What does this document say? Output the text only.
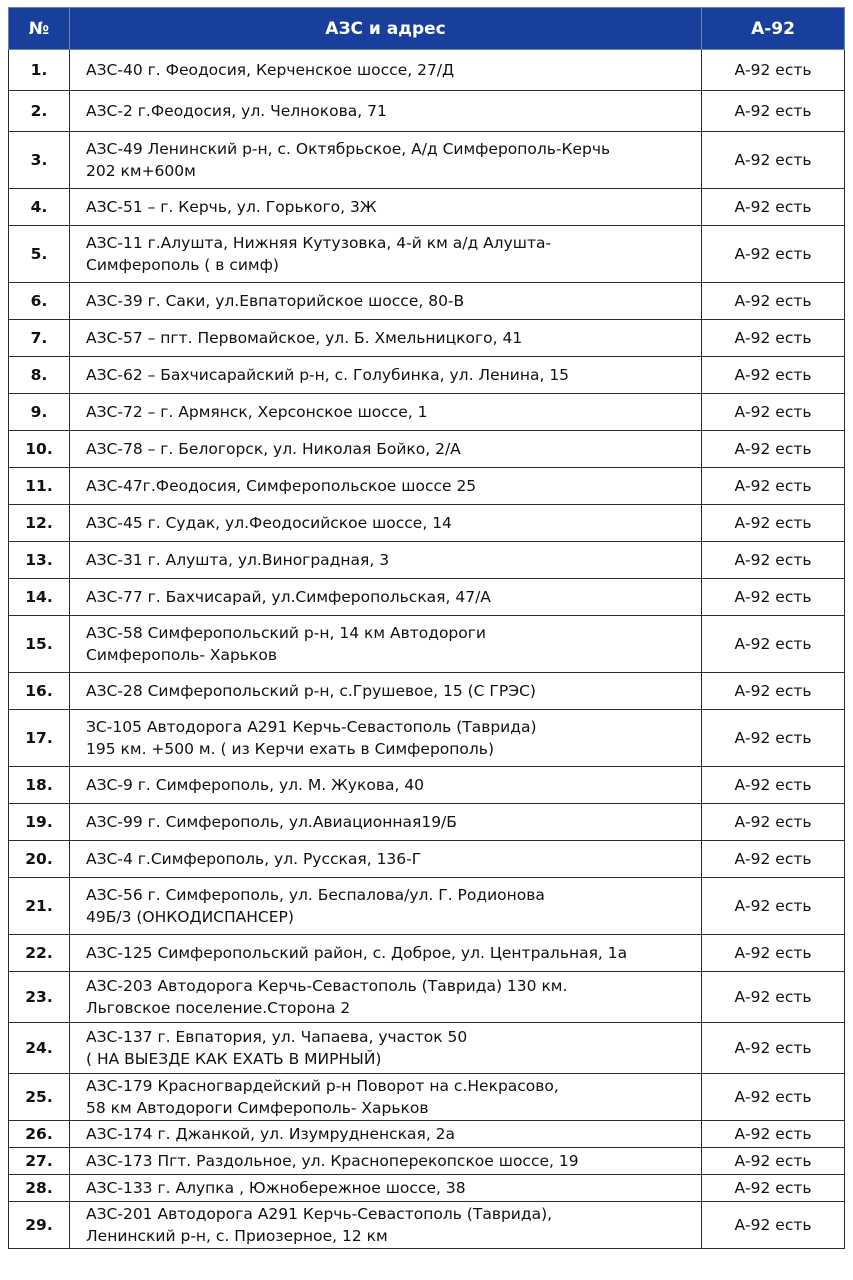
№	АЗС и адрес	А-92
1.	АЗС-40 г. Феодосия, Керченское шоссе, 27/Д	А-92 есть
2.	АЗС-2 г.Феодосия, ул. Челнокова, 71	А-92 есть
3.	АЗС-49 Ленинский р-н, с. Октябрьское, А/д Симферополь-Керчь
202 км+600м	А-92 есть
4.	АЗС-51 – г. Керчь, ул. Горького, 3Ж	А-92 есть
5.	АЗС-11 г.Алушта, Нижняя Кутузовка, 4-й км а/д Алушта-
Симферополь ( в симф)	А-92 есть
6.	АЗС-39 г. Саки, ул.Евпаторийское шоссе, 80-В	А-92 есть
7.	АЗС-57 – пгт. Первомайское, ул. Б. Хмельницкого, 41	А-92 есть
8.	АЗС-62 – Бахчисарайский р-н, с. Голубинка, ул. Ленина, 15	А-92 есть
9.	АЗС-72 – г. Армянск, Херсонское шоссе, 1	А-92 есть
10.	АЗС-78 – г. Белогорск, ул. Николая Бойко, 2/А	А-92 есть
11.	АЗС-47г.Феодосия, Симферопольское шоссе 25	А-92 есть
12.	АЗС-45 г. Судак, ул.Феодосийское шоссе, 14	А-92 есть
13.	АЗС-31 г. Алушта, ул.Виноградная, 3	А-92 есть
14.	АЗС-77 г. Бахчисарай, ул.Симферопольская, 47/А	А-92 есть
15.	АЗС-58 Симферопольский р-н, 14 км Автодороги
Симферополь- Харьков	А-92 есть
16.	АЗС-28 Симферопольский р-н, с.Грушевое, 15 (С ГРЭС)	А-92 есть
17.	ЗС-105 Автодорога А291 Керчь-Севастополь (Таврида)
195 км. +500 м. ( из Керчи ехать в Симферополь)	А-92 есть
18.	АЗС-9 г. Симферополь, ул. М. Жукова, 40	А-92 есть
19.	АЗС-99 г. Симферополь, ул.Авиационная19/Б	А-92 есть
20.	АЗС-4 г.Симферополь, ул. Русская, 136-Г	А-92 есть
21.	АЗС-56 г. Симферополь, ул. Беспалова/ул. Г. Родионова
49Б/3 (ОНКОДИСПАНСЕР)	А-92 есть
22.	АЗС-125 Симферопольский район, с. Доброе, ул. Центральная, 1а	А-92 есть
23.	АЗС-203 Автодорога Керчь-Севастополь (Таврида) 130 км.
Льговское поселение.Сторона 2	А-92 есть
24.	АЗС-137 г. Евпатория, ул. Чапаева, участок 50
( НА ВЫЕЗДЕ КАК ЕХАТЬ В МИРНЫЙ)	А-92 есть
25.	АЗС-179 Красногвардейский р-н Поворот на с.Некрасово,
58 км Автодороги Симферополь- Харьков	А-92 есть
26.	АЗС-174 г. Джанкой, ул. Изумрудненская, 2а	А-92 есть
27.	АЗС-173 Пгт. Раздольное, ул. Красноперекопское шоссе, 19	А-92 есть
28.	АЗС-133 г. Алупка , Южнобережное шоссе, 38	А-92 есть
29.	АЗС-201 Автодорога А291 Керчь-Севастополь (Таврида),
Ленинский р-н, с. Приозерное, 12 км	А-92 есть
